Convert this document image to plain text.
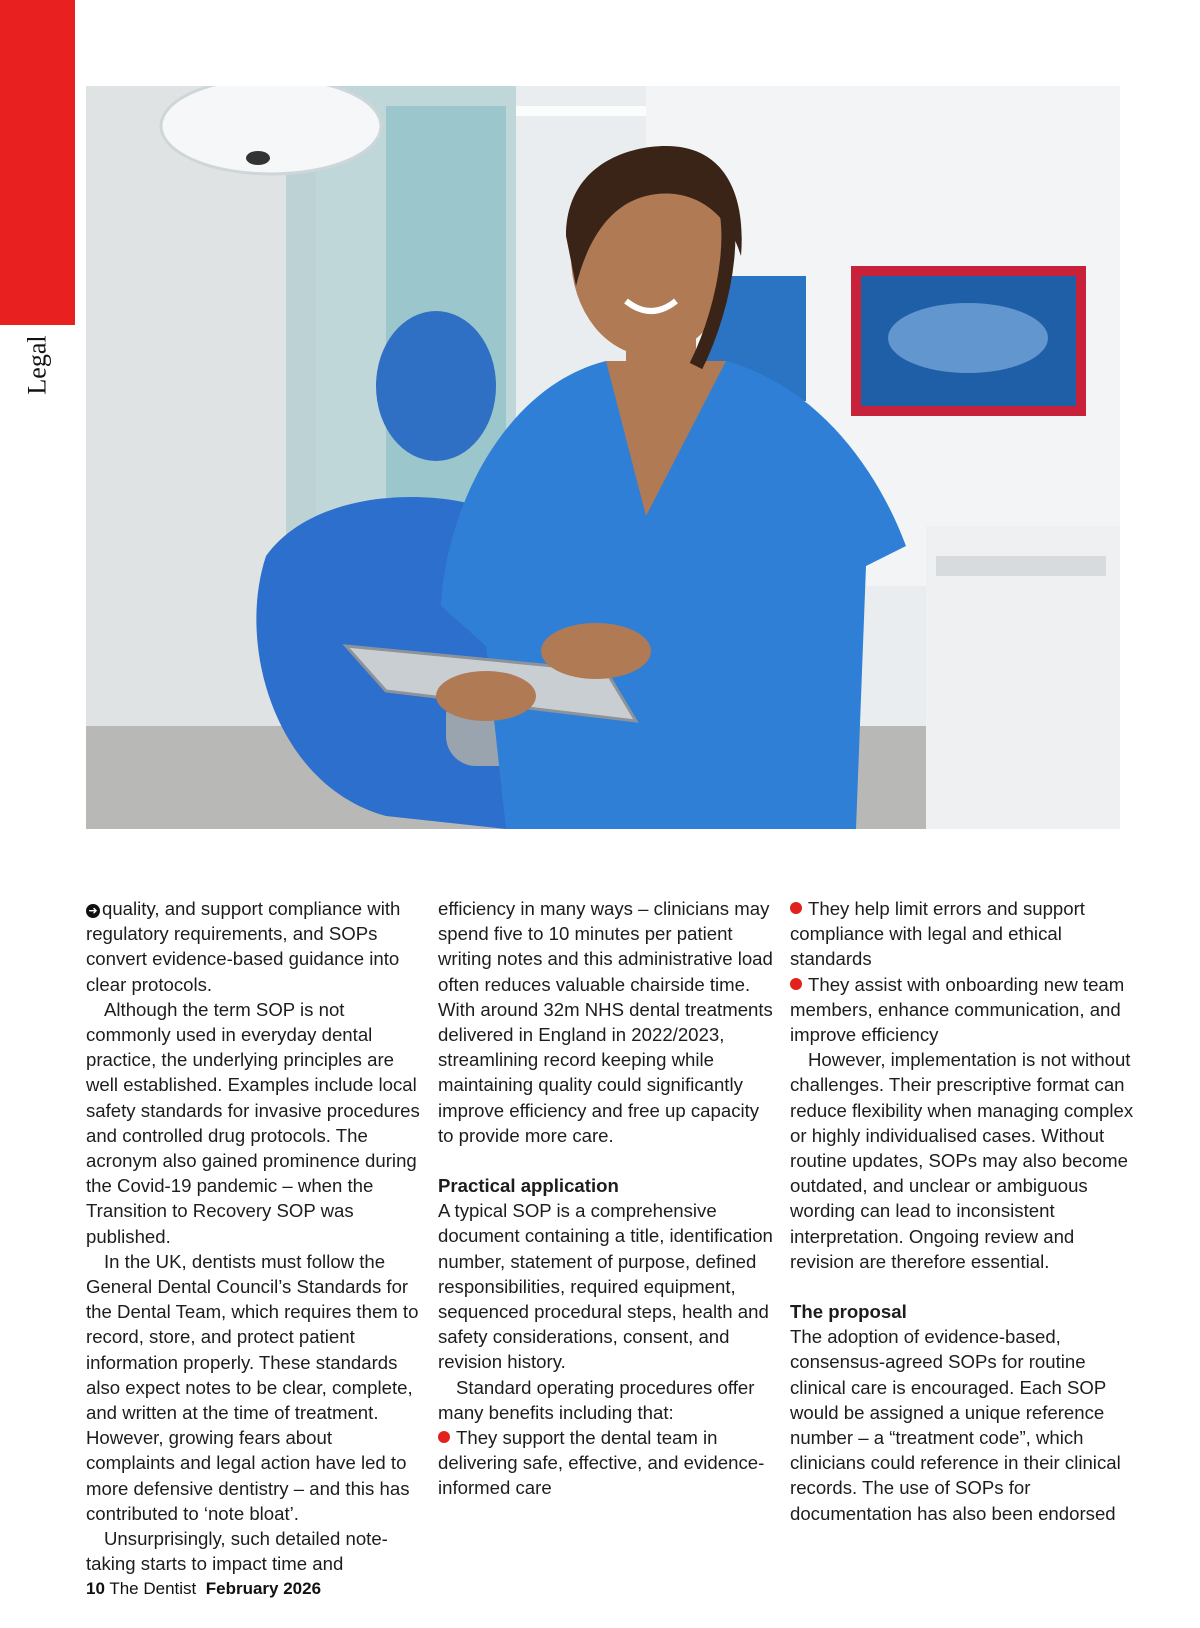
Legal

➜ quality, and support compliance with regulatory requirements, and SOPs convert evidence-based guidance into clear protocols.

Although the term SOP is not commonly used in everyday dental practice, the underlying principles are well established. Examples include local safety standards for invasive procedures and controlled drug protocols. The acronym also gained prominence during the Covid-19 pandemic – when the Transition to Recovery SOP was published.

In the UK, dentists must follow the General Dental Council’s Standards for the Dental Team, which requires them to record, store, and protect patient information properly. These standards also expect notes to be clear, complete, and written at the time of treatment. However, growing fears about complaints and legal action have led to more defensive dentistry – and this has contributed to ‘note bloat’.

Unsurprisingly, such detailed note-taking starts to impact time and

efficiency in many ways – clinicians may spend five to 10 minutes per patient writing notes and this administrative load often reduces valuable chairside time. With around 32m NHS dental treatments delivered in England in 2022/2023, streamlining record keeping while maintaining quality could significantly improve efficiency and free up capacity to provide more care.

Practical application

A typical SOP is a comprehensive document containing a title, identification number, statement of purpose, defined responsibilities, required equipment, sequenced procedural steps, health and safety considerations, consent, and revision history.

Standard operating procedures offer many benefits including that:

They support the dental team in delivering safe, effective, and evidence-informed care

They help limit errors and support compliance with legal and ethical standards

They assist with onboarding new team members, enhance communication, and improve efficiency

However, implementation is not without challenges. Their prescriptive format can reduce flexibility when managing complex or highly individualised cases. Without routine updates, SOPs may also become outdated, and unclear or ambiguous wording can lead to inconsistent interpretation. Ongoing review and revision are therefore essential.

The proposal

The adoption of evidence-based, consensus-agreed SOPs for routine clinical care is encouraged. Each SOP would be assigned a unique reference number – a “treatment code”, which clinicians could reference in their clinical records. The use of SOPs for documentation has also been endorsed

10 The Dentist February 2026
